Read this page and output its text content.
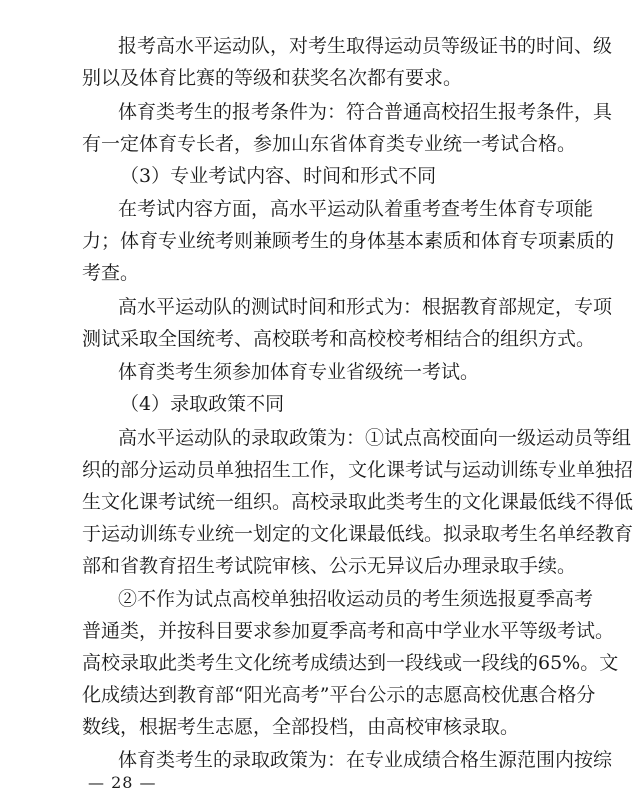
报考高水平运动队，对考生取得运动员等级证书的时间、级
别以及体育比赛的等级和获奖名次都有要求。
体育类考生的报考条件为：符合普通高校招生报考条件，具
有一定体育专长者，参加山东省体育类专业统一考试合格。
（3）专业考试内容、时间和形式不同
在考试内容方面，高水平运动队着重考查考生体育专项能
力；体育专业统考则兼顾考生的身体基本素质和体育专项素质的
考查。
高水平运动队的测试时间和形式为：根据教育部规定，专项
测试采取全国统考、高校联考和高校校考相结合的组织方式。
体育类考生须参加体育专业省级统一考试。
（4）录取政策不同
高水平运动队的录取政策为：①试点高校面向一级运动员等组
织的部分运动员单独招生工作，文化课考试与运动训练专业单独招
生文化课考试统一组织。高校录取此类考生的文化课最低线不得低
于运动训练专业统一划定的文化课最低线。拟录取考生名单经教育
部和省教育招生考试院审核、公示无异议后办理录取手续。
②不作为试点高校单独招收运动员的考生须选报夏季高考
普通类，并按科目要求参加夏季高考和高中学业水平等级考试。
高校录取此类考生文化统考成绩达到一段线或一段线的65%。文
化成绩达到教育部“阳光高考”平台公示的志愿高校优惠合格分
数线，根据考生志愿，全部投档，由高校审核录取。
体育类考生的录取政策为：在专业成绩合格生源范围内按综
— 28 —
